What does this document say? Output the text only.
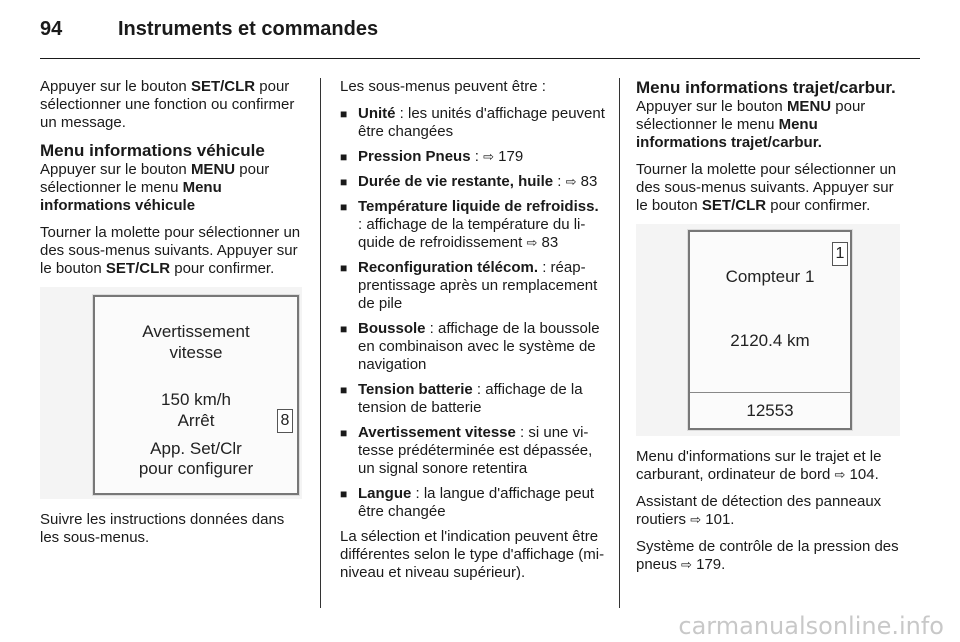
94	Instruments et commandes

Appuyer sur le bouton SET/CLR pour sélectionner une fonction ou confirmer un message.

Menu informations véhicule

Appuyer sur le bouton MENU pour sélectionner le menu Menu informations véhicule

Tourner la molette pour sélectionner un des sous-menus suivants. Appuyer sur le bouton SET/CLR pour confirmer.

Avertissement
vitesse
150 km/h
Arrêt
App. Set/Clr
pour configurer
8

Suivre les instructions données dans les sous-menus.

Les sous-menus peuvent être :

■ Unité : les unités d'affichage peuvent être changées
■ Pression Pneus : ⇨ 179
■ Durée de vie restante, huile : ⇨ 83
■ Température liquide de refroidiss. : affichage de la température du liquide de refroidissement ⇨ 83
■ Reconfiguration télécom. : réapprentissage après un remplacement de pile
■ Boussole : affichage de la boussole en combinaison avec le système de navigation
■ Tension batterie : affichage de la tension de batterie
■ Avertissement vitesse : si une vitesse prédéterminée est dépassée, un signal sonore retentira
■ Langue : la langue d'affichage peut être changée

La sélection et l'indication peuvent être différentes selon le type d'affichage (mi-niveau et niveau supérieur).

Menu informations trajet/carbur.

Appuyer sur le bouton MENU pour sélectionner le menu Menu informations trajet/carbur.

Tourner la molette pour sélectionner un des sous-menus suivants. Appuyer sur le bouton SET/CLR pour confirmer.

1
Compteur 1
2120.4 km
12553

Menu d'informations sur le trajet et le carburant, ordinateur de bord ⇨ 104.

Assistant de détection des panneaux routiers ⇨ 101.

Système de contrôle de la pression des pneus ⇨ 179.

carmanualsonline.info
